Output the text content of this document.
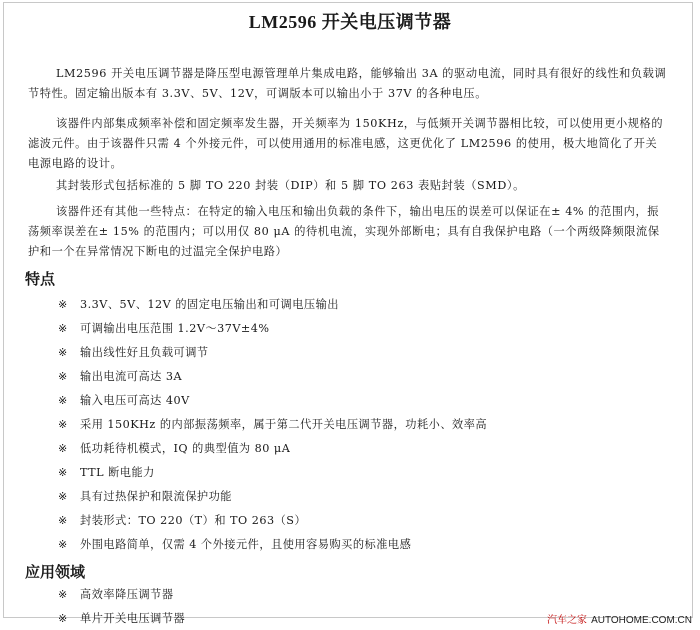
LM2596 开关电压调节器
LM2596 开关电压调节器是降压型电源管理单片集成电路，能够输出 3A 的驱动电流，同时具有很好的线性和负载调节特性。固定输出版本有 3.3V、5V、12V，可调版本可以输出小于 37V 的各种电压。
该器件内部集成频率补偿和固定频率发生器，开关频率为 150KHz，与低频开关调节器相比较，可以使用更小规格的滤波元件。由于该器件只需 4 个外接元件，可以使用通用的标准电感，这更优化了 LM2596 的使用，极大地简化了开关电源电路的设计。
其封装形式包括标准的 5 脚 TO 220 封装（DIP）和 5 脚 TO 263 表贴封装（SMD）。
该器件还有其他一些特点：在特定的输入电压和输出负载的条件下，输出电压的误差可以保证在± 4% 的范围内，振荡频率误差在± 15% 的范围内；可以用仅 80 μA 的待机电流，实现外部断电；具有自我保护电路（一个两级降频限流保护和一个在异常情况下断电的过温完全保护电路）
特点
※ 3.3V、5V、12V 的固定电压输出和可调电压输出
※ 可调输出电压范围 1.2V～37V±4%
※ 输出线性好且负载可调节
※ 输出电流可高达 3A
※ 输入电压可高达 40V
※ 采用 150KHz 的内部振荡频率，属于第二代开关电压调节器，功耗小、效率高
※ 低功耗待机模式，IQ 的典型值为 80 μA
※ TTL 断电能力
※ 具有过热保护和限流保护功能
※ 封装形式：TO 220（T）和 TO 263（S）
※ 外围电路简单，仅需 4 个外接元件，且使用容易购买的标准电感
应用领域
※ 高效率降压调节器
※ 单片开关电压调节器	汽车之家 AUTOHOME.COM.CN
